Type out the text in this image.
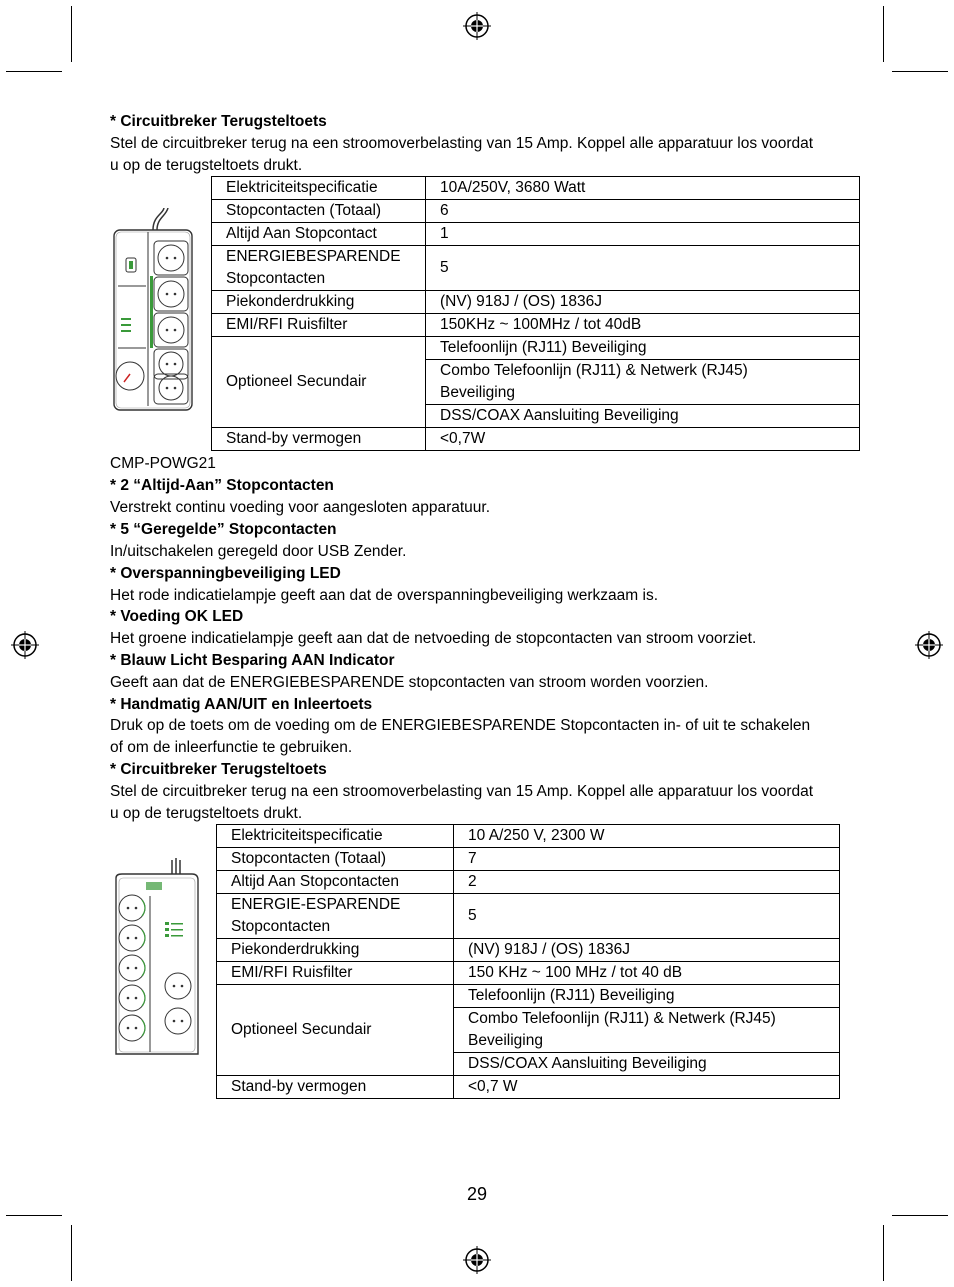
* Circuitbreker Terugsteltoets
Stel de circuitbreker terug na een stroomoverbelasting van 15 Amp. Koppel alle apparatuur los voordat
u op de terugsteltoets drukt.
Elektriciteitspecificatie	10A/250V, 3680 Watt
Stopcontacten (Totaal)	6
Altijd Aan Stopcontact	1
ENERGIEBESPARENDE
Stopcontacten	5
Piekonderdrukking	(NV) 918J / (OS) 1836J
EMI/RFI Ruisfilter	150KHz ~ 100MHz / tot 40dB
Optioneel Secundair	Telefoonlijn (RJ11) Beveiliging
	Combo Telefoonlijn (RJ11) & Netwerk (RJ45)
Beveiliging
	DSS/COAX Aansluiting Beveiliging
Stand-by vermogen	<0,7W
CMP-POWG21
* 2 “Altijd-Aan” Stopcontacten
Verstrekt continu voeding voor aangesloten apparatuur.
* 5 “Geregelde” Stopcontacten
In/uitschakelen geregeld door USB Zender.
* Overspanningbeveiliging LED
Het rode indicatielampje geeft aan dat de overspanningbeveiliging werkzaam is.
* Voeding OK LED
Het groene indicatielampje geeft aan dat de netvoeding de stopcontacten van stroom voorziet.
* Blauw Licht Besparing AAN Indicator
Geeft aan dat de ENERGIEBESPARENDE stopcontacten van stroom worden voorzien.
* Handmatig AAN/UIT en Inleertoets
Druk op de toets om de voeding om de ENERGIEBESPARENDE Stopcontacten in- of uit te schakelen
of om de inleerfunctie te gebruiken.
* Circuitbreker Terugsteltoets
Stel de circuitbreker terug na een stroomoverbelasting van 15 Amp. Koppel alle apparatuur los voordat
u op de terugsteltoets drukt.
Elektriciteitspecificatie	10 A/250 V, 2300 W
Stopcontacten (Totaal)	7
Altijd Aan Stopcontacten	2
ENERGIE-ESPARENDE
Stopcontacten	5
Piekonderdrukking	(NV) 918J / (OS) 1836J
EMI/RFI Ruisfilter	150 KHz ~ 100 MHz / tot 40 dB
Optioneel Secundair	Telefoonlijn (RJ11) Beveiliging
	Combo Telefoonlijn (RJ11) & Netwerk (RJ45)
Beveiliging
	DSS/COAX Aansluiting Beveiliging
Stand-by vermogen	<0,7 W
29
